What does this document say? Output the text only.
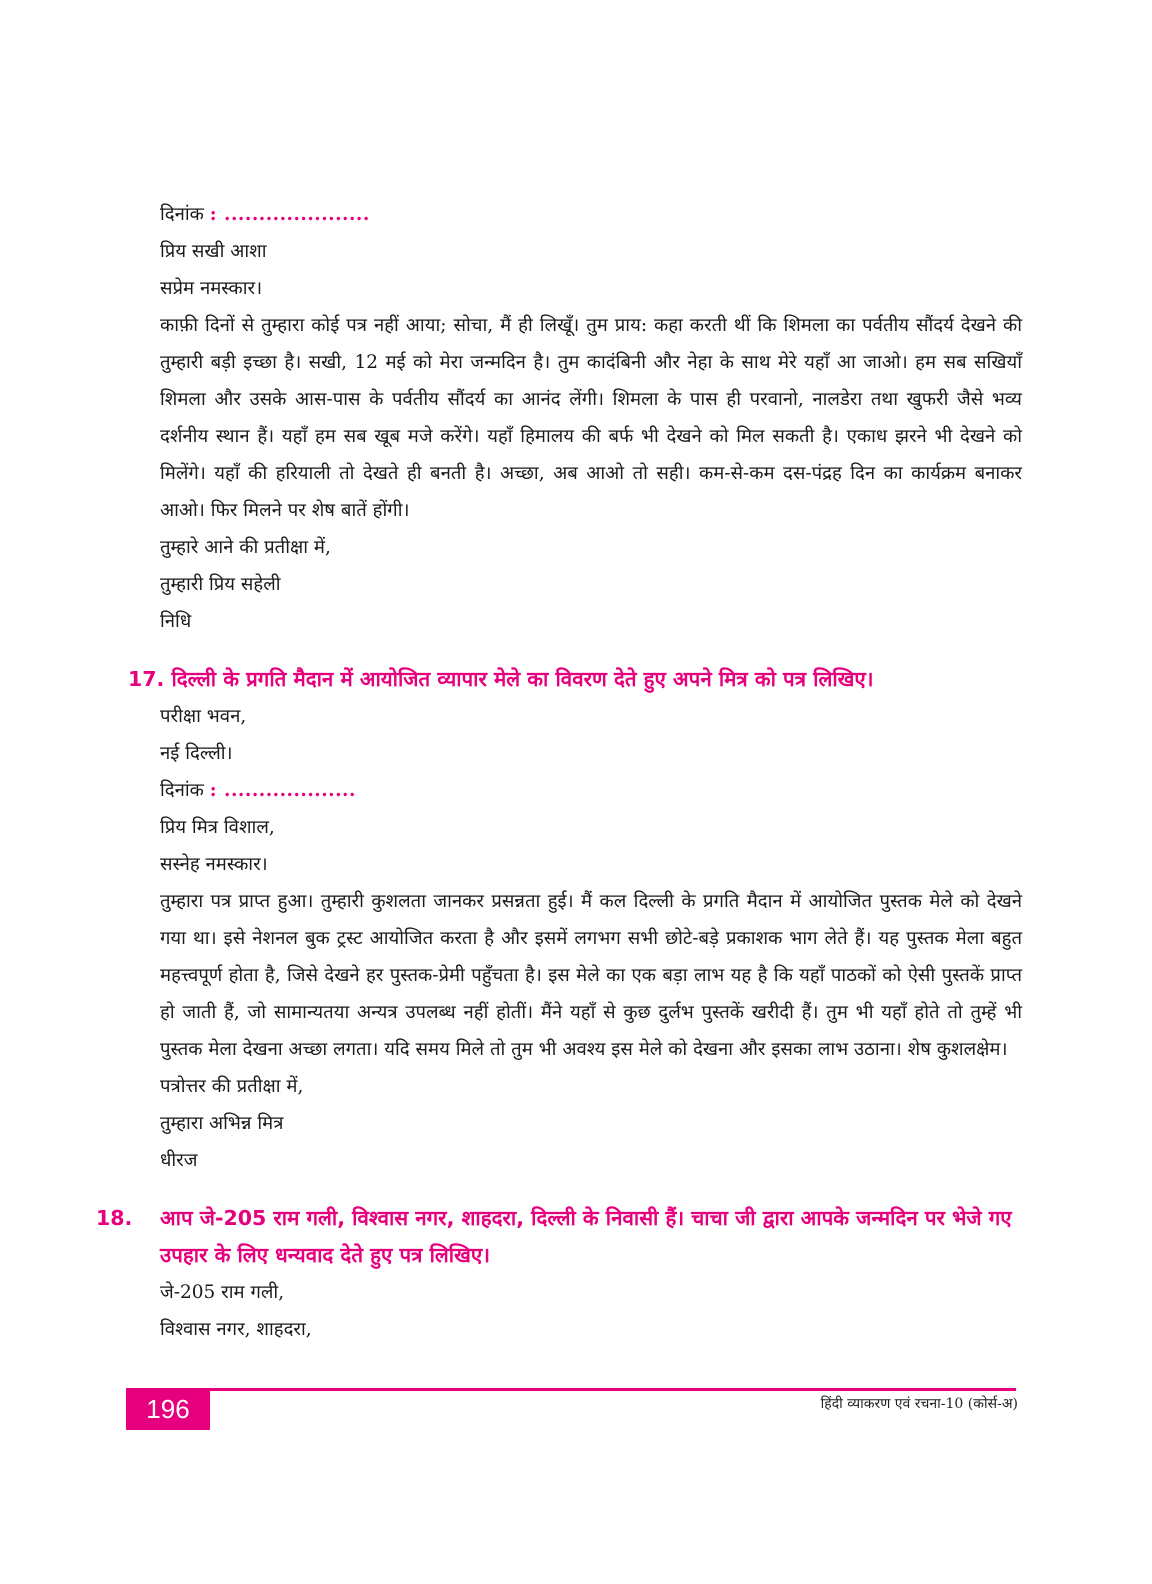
दिनांक : .....................
प्रिय सखी आशा
सप्रेम नमस्कार।
काफ़ी दिनों से तुम्हारा कोई पत्र नहीं आया; सोचा, मैं ही लिखूँ। तुम प्राय: कहा करती थीं कि शिमला का पर्वतीय सौंदर्य देखने की तुम्हारी बड़ी इच्छा है। सखी, 12 मई को मेरा जन्मदिन है। तुम कादंबिनी और नेहा के साथ मेरे यहाँ आ जाओ। हम सब सखियाँ शिमला और उसके आस-पास के पर्वतीय सौंदर्य का आनंद लेंगी। शिमला के पास ही परवानो, नालडेरा तथा खुफरी जैसे भव्य दर्शनीय स्थान हैं। यहाँ हम सब खूब मजे करेंगे। यहाँ हिमालय की बर्फ भी देखने को मिल सकती है। एकाध झरने भी देखने को मिलेंगे। यहाँ की हरियाली तो देखते ही बनती है। अच्छा, अब आओ तो सही। कम-से-कम दस-पंद्रह दिन का कार्यक्रम बनाकर आओ। फिर मिलने पर शेष बातें होंगी।
तुम्हारे आने की प्रतीक्षा में,
तुम्हारी प्रिय सहेली
निधि
17. दिल्ली के प्रगति मैदान में आयोजित व्यापार मेले का विवरण देते हुए अपने मित्र को पत्र लिखिए।
परीक्षा भवन,
नई दिल्ली।
दिनांक : ...................
प्रिय मित्र विशाल,
सस्नेह नमस्कार।
तुम्हारा पत्र प्राप्त हुआ। तुम्हारी कुशलता जानकर प्रसन्नता हुई। मैं कल दिल्ली के प्रगति मैदान में आयोजित पुस्तक मेले को देखने गया था। इसे नेशनल बुक ट्रस्ट आयोजित करता है और इसमें लगभग सभी छोटे-बड़े प्रकाशक भाग लेते हैं। यह पुस्तक मेला बहुत महत्त्वपूर्ण होता है, जिसे देखने हर पुस्तक-प्रेमी पहुँचता है। इस मेले का एक बड़ा लाभ यह है कि यहाँ पाठकों को ऐसी पुस्तकें प्राप्त हो जाती हैं, जो सामान्यतया अन्यत्र उपलब्ध नहीं होतीं। मैंने यहाँ से कुछ दुर्लभ पुस्तकें खरीदी हैं। तुम भी यहाँ होते तो तुम्हें भी पुस्तक मेला देखना अच्छा लगता। यदि समय मिले तो तुम भी अवश्य इस मेले को देखना और इसका लाभ उठाना। शेष कुशलक्षेम।
पत्रोत्तर की प्रतीक्षा में,
तुम्हारा अभिन्न मित्र
धीरज
18. आप जे-205 राम गली, विश्वास नगर, शाहदरा, दिल्ली के निवासी हैं। चाचा जी द्वारा आपके जन्मदिन पर भेजे गए उपहार के लिए धन्यवाद देते हुए पत्र लिखिए।
जे-205 राम गली,
विश्वास नगर, शाहदरा,
196	हिंदी व्याकरण एवं रचना-10 (कोर्स-अ)
